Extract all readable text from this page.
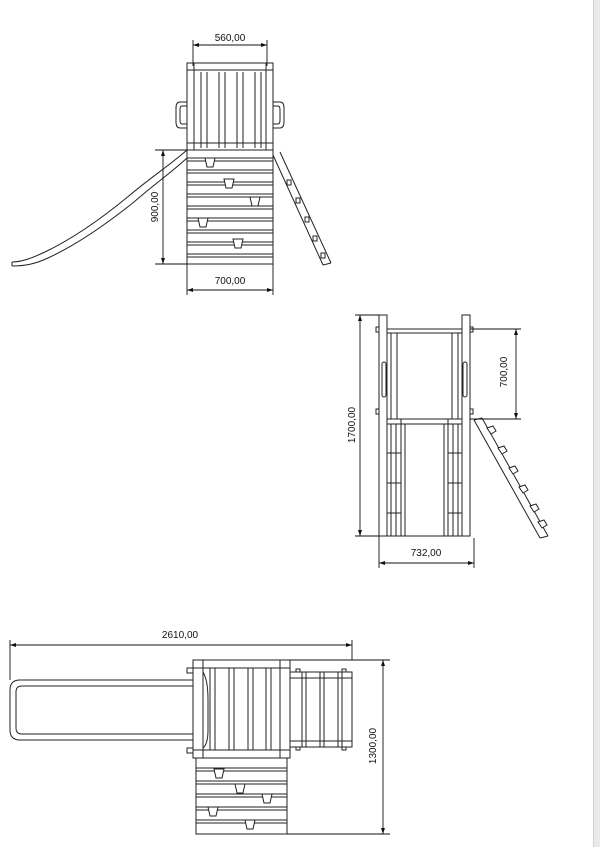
560,00
900,00
700,00
700,00
1700,00
732,00
2610,00
1300,00
